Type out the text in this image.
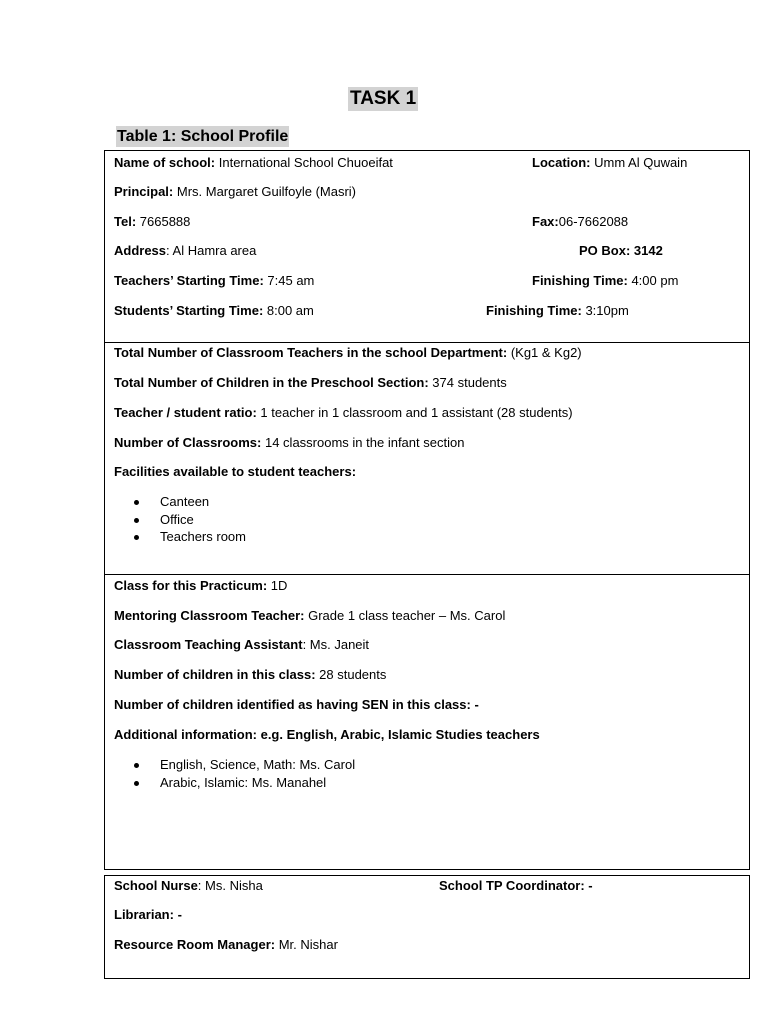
TASK 1
Table 1: School Profile
Name of school: International School Chuoeifat	Location: Umm Al Quwain
Principal: Mrs. Margaret Guilfoyle (Masri)
Tel: 7665888	Fax:06-7662088
Address: Al Hamra area	PO Box: 3142
Teachers’ Starting Time: 7:45 am	Finishing Time: 4:00 pm
Students’ Starting Time: 8:00 am	Finishing Time: 3:10pm
Total Number of Classroom Teachers in the school Department: (Kg1 & Kg2)
Total Number of Children in the Preschool Section: 374 students
Teacher / student ratio: 1 teacher in 1 classroom and 1 assistant (28 students)
Number of Classrooms: 14 classrooms in the infant section
Facilities available to student teachers:
Canteen
Office
Teachers room
Class for this Practicum: 1D
Mentoring Classroom Teacher: Grade 1 class teacher – Ms. Carol
Classroom Teaching Assistant: Ms. Janeit
Number of children in this class: 28 students
Number of children identified as having SEN in this class: -
Additional information: e.g. English, Arabic, Islamic Studies teachers
English, Science, Math: Ms. Carol
Arabic, Islamic: Ms. Manahel
School Nurse: Ms. Nisha	School TP Coordinator: -
Librarian: -
Resource Room Manager: Mr. Nishar
